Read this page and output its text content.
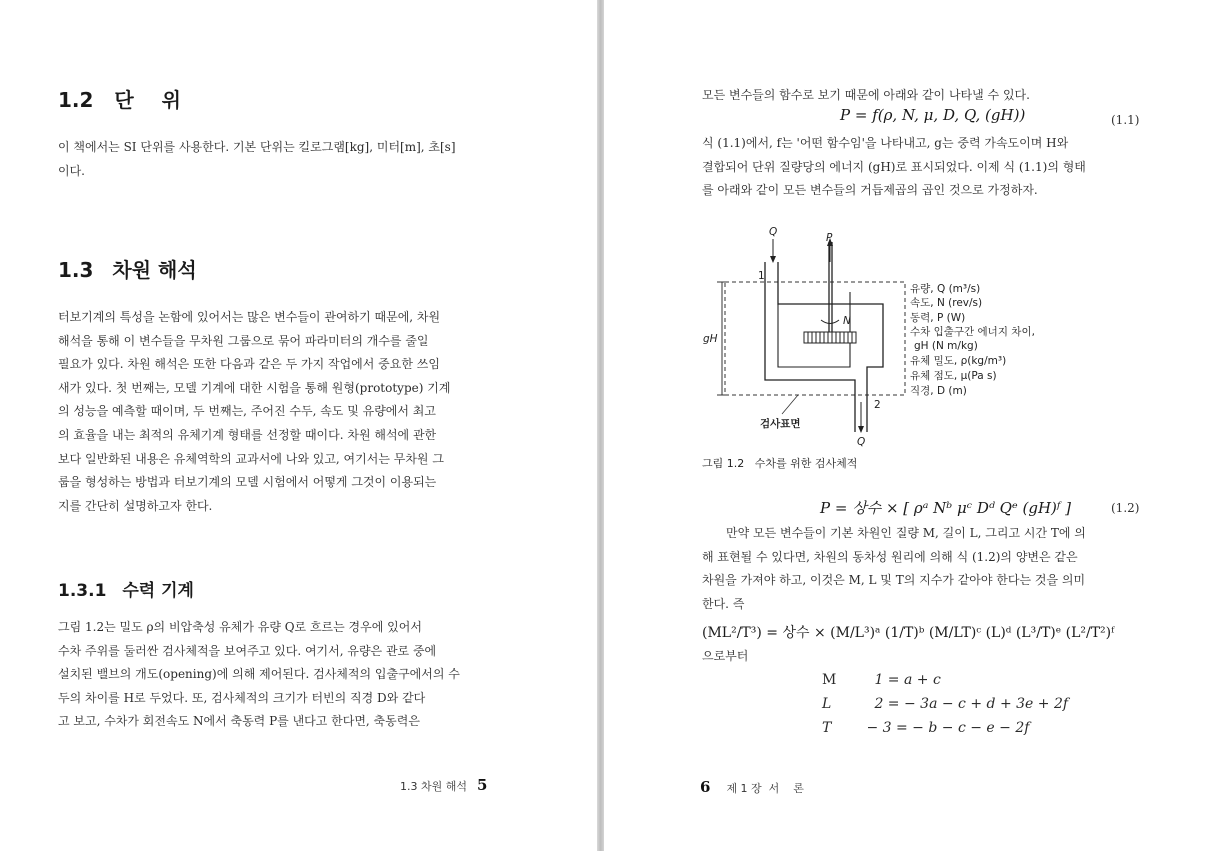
1.2 단    위
이 책에서는 SI 단위를 사용한다. 기본 단위는 킬로그램[kg], 미터[m], 초[s]
이다.
1.3 차원 해석
터보기계의 특성을 논함에 있어서는 많은 변수들이 관여하기 때문에, 차원
해석을 통해 이 변수들을 무차원 그룹으로 묶어 파라미터의 개수를 줄일
필요가 있다. 차원 해석은 또한 다음과 같은 두 가지 작업에서 중요한 쓰임
새가 있다. 첫 번째는, 모델 기계에 대한 시험을 통해 원형(prototype) 기계
의 성능을 예측할 때이며, 두 번째는, 주어진 수두, 속도 및 유량에서 최고
의 효율을 내는 최적의 유체기계 형태를 선정할 때이다. 차원 해석에 관한
보다 일반화된 내용은 유체역학의 교과서에 나와 있고, 여기서는 무차원 그
룹을 형성하는 방법과 터보기계의 모델 시험에서 어떻게 그것이 이용되는
지를 간단히 설명하고자 한다.
1.3.1 수력 기계
그림 1.2는 밀도 ρ의 비압축성 유체가 유량 Q로 흐르는 경우에 있어서
수차 주위를 둘러싼 검사체적을 보여주고 있다. 여기서, 유량은 관로 중에
설치된 밸브의 개도(opening)에 의해 제어된다. 검사체적의 입출구에서의 수
두의 차이를 H로 두었다. 또, 검사체적의 크기가 터빈의 직경 D와 같다
고 보고, 수차가 회전속도 N에서 축동력 P를 낸다고 한다면, 축동력은
1.3 차원 해석 5
모든 변수들의 함수로 보기 때문에 아래와 같이 나타낼 수 있다.
P = f(ρ, N, μ, D, Q, (gH))	(1.1)
식 (1.1)에서, f는 '어떤 함수임'을 나타내고, g는 중력 가속도이며 H와
결합되어 단위 질량당의 에너지 (gH)로 표시되었다. 이제 식 (1.1)의 형태
를 아래와 같이 모든 변수들의 거듭제곱의 곱인 것으로 가정하자.
gH
N
Q	P
1
2
Q
검사표면
유량, Q (m³/s)
속도, N (rev/s)
동력, P (W)
수차 입출구간 에너지 차이,
gH (N m/kg)
유체 밀도, ρ(kg/m³)
유체 점도, μ(Pa s)
직경, D (m)
그림 1.2   수차를 위한 검사체적
P = 상수 × [ ρᵃ Nᵇ μᶜ Dᵈ Qᵉ (gH)ᶠ ]	(1.2)
만약 모든 변수들이 기본 차원인 질량 M, 길이 L, 그리고 시간 T에 의
해 표현될 수 있다면, 차원의 동차성 원리에 의해 식 (1.2)의 양변은 같은
차원을 가져야 하고, 이것은 M, L 및 T의 지수가 같아야 한다는 것을 의미
한다. 즉
(ML²/T³) = 상수 × (M/L³)ᵃ (1/T)ᵇ (M/LT)ᶜ (L)ᵈ (L³/T)ᵉ (L²/T²)ᶠ
으로부터
M	1 = a + c
L	2 = − 3a − c + d + 3e + 2f
T	− 3 = − b − c − e − 2f
6 제 1 장  서    론
